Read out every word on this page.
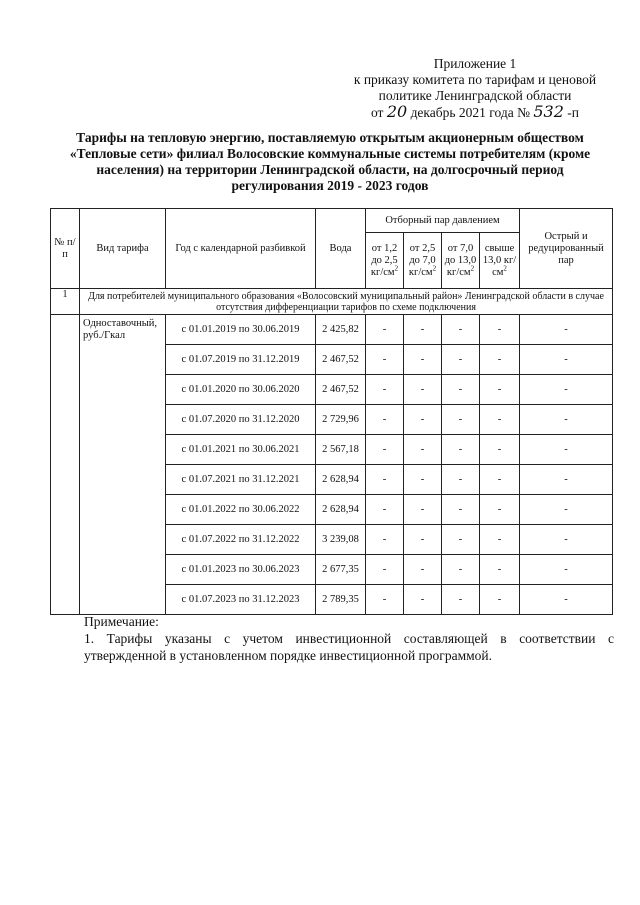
Приложение 1
к приказу комитета по тарифам и ценовой
политике Ленинградской области
от 20 декабрь 2021 года № 532 -п
Тарифы на тепловую энергию, поставляемую открытым акционерным обществом «Тепловые сети» филиал Волосовские коммунальные системы потребителям (кроме населения) на территории Ленинградской области, на долгосрочный период регулирования 2019 - 2023 годов
№ п/п	Вид тарифа	Год с календарной разбивкой	Вода	Отборный пар давлением				Острый и редуцированный пар
				от 1,2 до 2,5 $кг/см^2$	от 2,5 до 7,0 $кг/см^2$	от 7,0 до 13,0 $кг/см^2$	свыше 13,0 $кг/см^2$
1	Для потребителей муниципального образования «Волосовский муниципальный район» Ленинградской области в случае отсутствия дифференциации тарифов по схеме подключения							
	Одноставочный, руб./Гкал	с 01.01.2019 по 30.06.2019	2 425,82	-	-	-	-	-
		с 01.07.2019 по 31.12.2019	2 467,52	-	-	-	-	-
		с 01.01.2020 по 30.06.2020	2 467,52	-	-	-	-	-
		с 01.07.2020 по 31.12.2020	2 729,96	-	-	-	-	-
		с 01.01.2021 по 30.06.2021	2 567,18	-	-	-	-	-
		с 01.07.2021 по 31.12.2021	2 628,94	-	-	-	-	-
		с 01.01.2022 по 30.06.2022	2 628,94	-	-	-	-	-
		с 01.07.2022 по 31.12.2022	3 239,08	-	-	-	-	-
		с 01.01.2023 по 30.06.2023	2 677,35	-	-	-	-	-
		с 01.07.2023 по 31.12.2023	2 789,35	-	-	-	-	-
Примечание:
1. Тарифы указаны с учетом инвестиционной составляющей в соответствии с утвержденной в установленном порядке инвестиционной программой.
